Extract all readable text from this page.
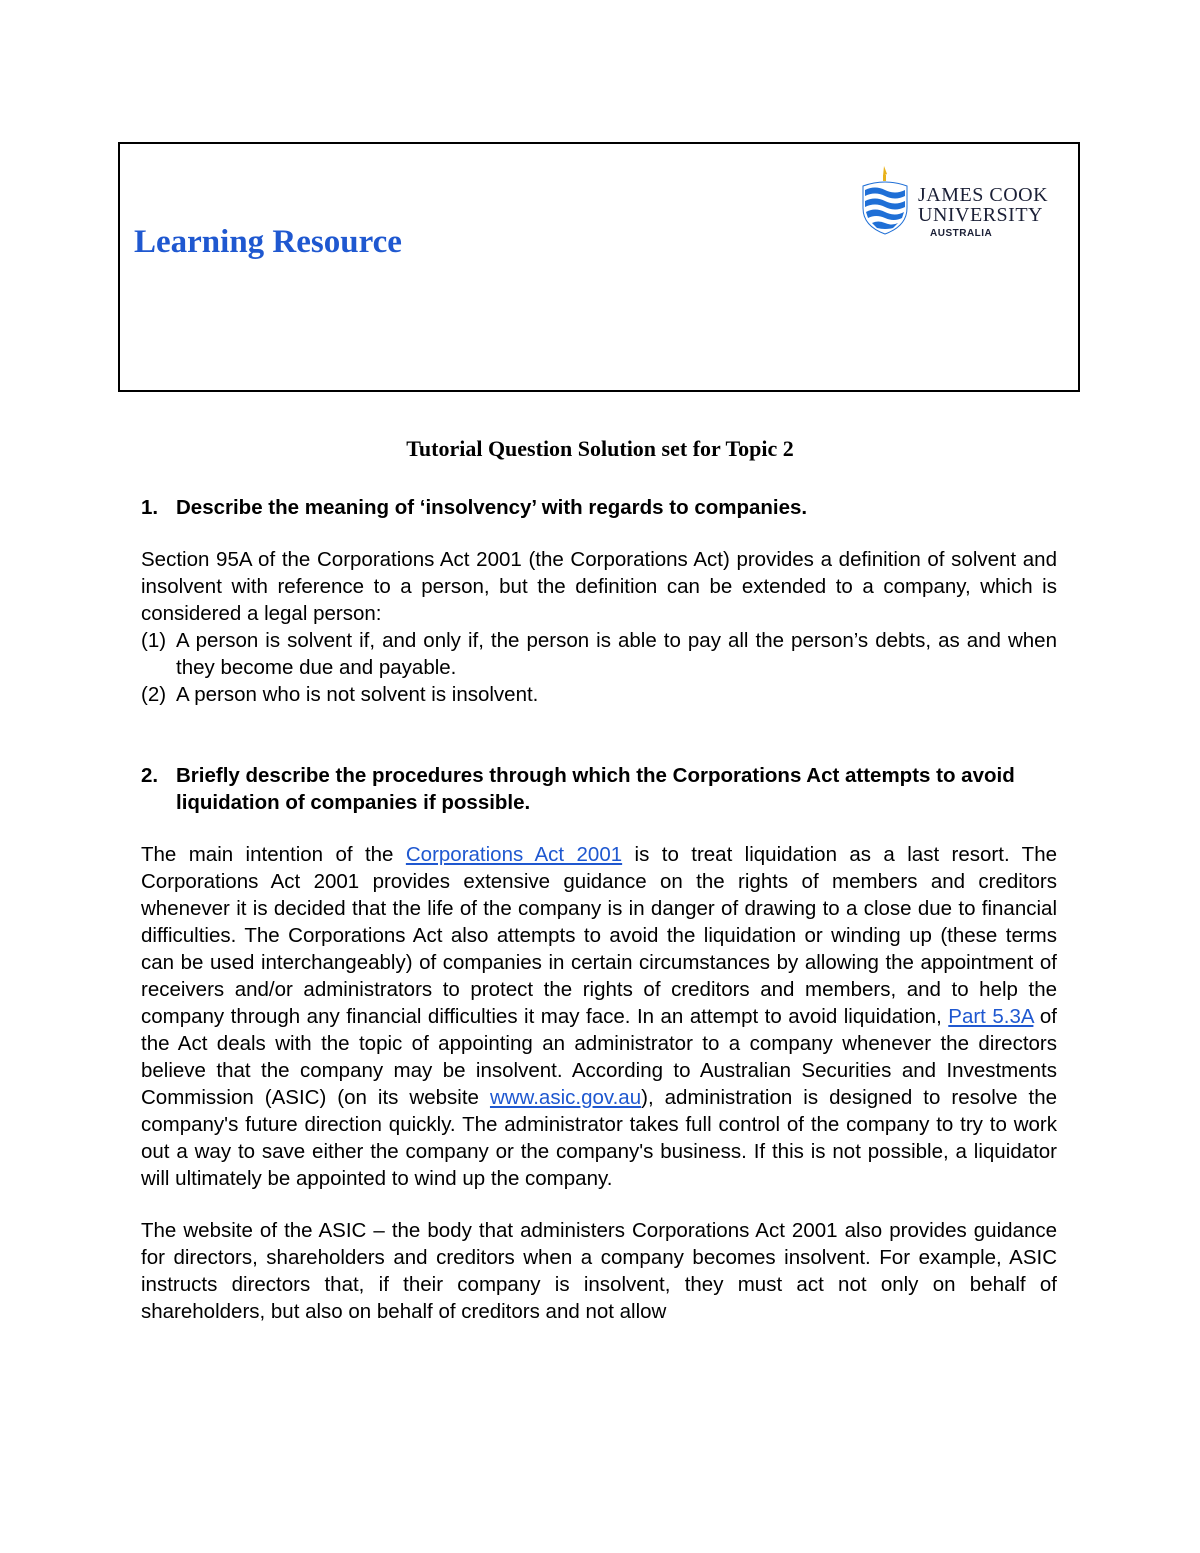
Learning Resource
JAMES COOK
UNIVERSITY
AUSTRALIA
Tutorial Question Solution set for Topic 2
1. Describe the meaning of ‘insolvency’ with regards to companies.

Section 95A of the Corporations Act 2001 (the Corporations Act) provides a definition of solvent and insolvent with reference to a person, but the definition can be extended to a company, which is considered a legal person:

(1) A person is solvent if, and only if, the person is able to pay all the person’s debts, as and when they become due and payable.
(2) A person who is not solvent is insolvent.
2. Briefly describe the procedures through which the Corporations Act attempts to avoid liquidation of companies if possible.

The main intention of the Corporations Act 2001 is to treat liquidation as a last resort. The Corporations Act 2001 provides extensive guidance on the rights of members and creditors whenever it is decided that the life of the company is in danger of drawing to a close due to financial difficulties. The Corporations Act also attempts to avoid the liquidation or winding up (these terms can be used interchangeably) of companies in certain circumstances by allowing the appointment of receivers and/or administrators to protect the rights of creditors and members, and to help the company through any financial difficulties it may face. In an attempt to avoid liquidation, Part 5.3A of the Act deals with the topic of appointing an administrator to a company whenever the directors believe that the company may be insolvent. According to Australian Securities and Investments Commission (ASIC) (on its website www.asic.gov.au), administration is designed to resolve the company's future direction quickly. The administrator takes full control of the company to try to work out a way to save either the company or the company's business. If this is not possible, a liquidator will ultimately be appointed to wind up the company.

The website of the ASIC – the body that administers Corporations Act 2001 also provides guidance for directors, shareholders and creditors when a company becomes insolvent. For example, ASIC instructs directors that, if their company is insolvent, they must act not only on behalf of shareholders, but also on behalf of creditors and not allow
